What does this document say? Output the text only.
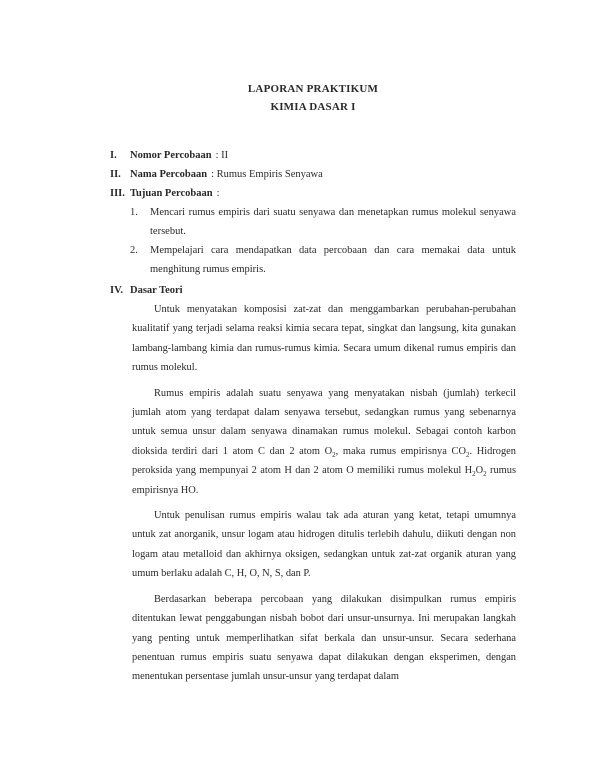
LAPORAN PRAKTIKUM
KIMIA DASAR I
I.	Nomor Percobaan : II
II. Nama Percobaan : Rumus Empiris Senyawa
III. Tujuan Percobaan :
1.	Mencari rumus empiris dari suatu senyawa dan menetapkan rumus molekul senyawa tersebut.
2.	Mempelajari cara mendapatkan data percobaan dan cara memakai data untuk menghitung rumus empiris.
IV. Dasar Teori

Untuk menyatakan komposisi zat-zat dan menggambarkan perubahan-perubahan kualitatif yang terjadi selama reaksi kimia secara tepat, singkat dan langsung, kita gunakan lambang-lambang kimia dan rumus-rumus kimia. Secara umum dikenal rumus empiris dan rumus molekul.

Rumus empiris adalah suatu senyawa yang menyatakan nisbah (jumlah) terkecil jumlah atom yang terdapat dalam senyawa tersebut, sedangkan rumus yang sebenarnya untuk semua unsur dalam senyawa dinamakan rumus molekul. Sebagai contoh karbon dioksida terdiri dari 1 atom C dan 2 atom $O_2$, maka rumus empirisnya $CO_2$. Hidrogen peroksida yang mempunyai 2 atom H dan 2 atom O memiliki rumus molekul $H_2O_2$ rumus empirisnya HO.

Untuk penulisan rumus empiris walau tak ada aturan yang ketat, tetapi umumnya untuk zat anorganik, unsur logam atau hidrogen ditulis terlebih dahulu, diikuti dengan non logam atau metalloid dan akhirnya oksigen, sedangkan untuk zat-zat organik aturan yang umum berlaku adalah C, H, O, N, S, dan P.

Berdasarkan beberapa percobaan yang dilakukan disimpulkan rumus empiris ditentukan lewat penggabungan nisbah bobot dari unsur-unsurnya. Ini merupakan langkah yang penting untuk memperlihatkan sifat berkala dan unsur-unsur. Secara sederhana penentuan rumus empiris suatu senyawa dapat dilakukan dengan eksperimen, dengan menentukan persentase jumlah unsur-unsur yang terdapat dalam
